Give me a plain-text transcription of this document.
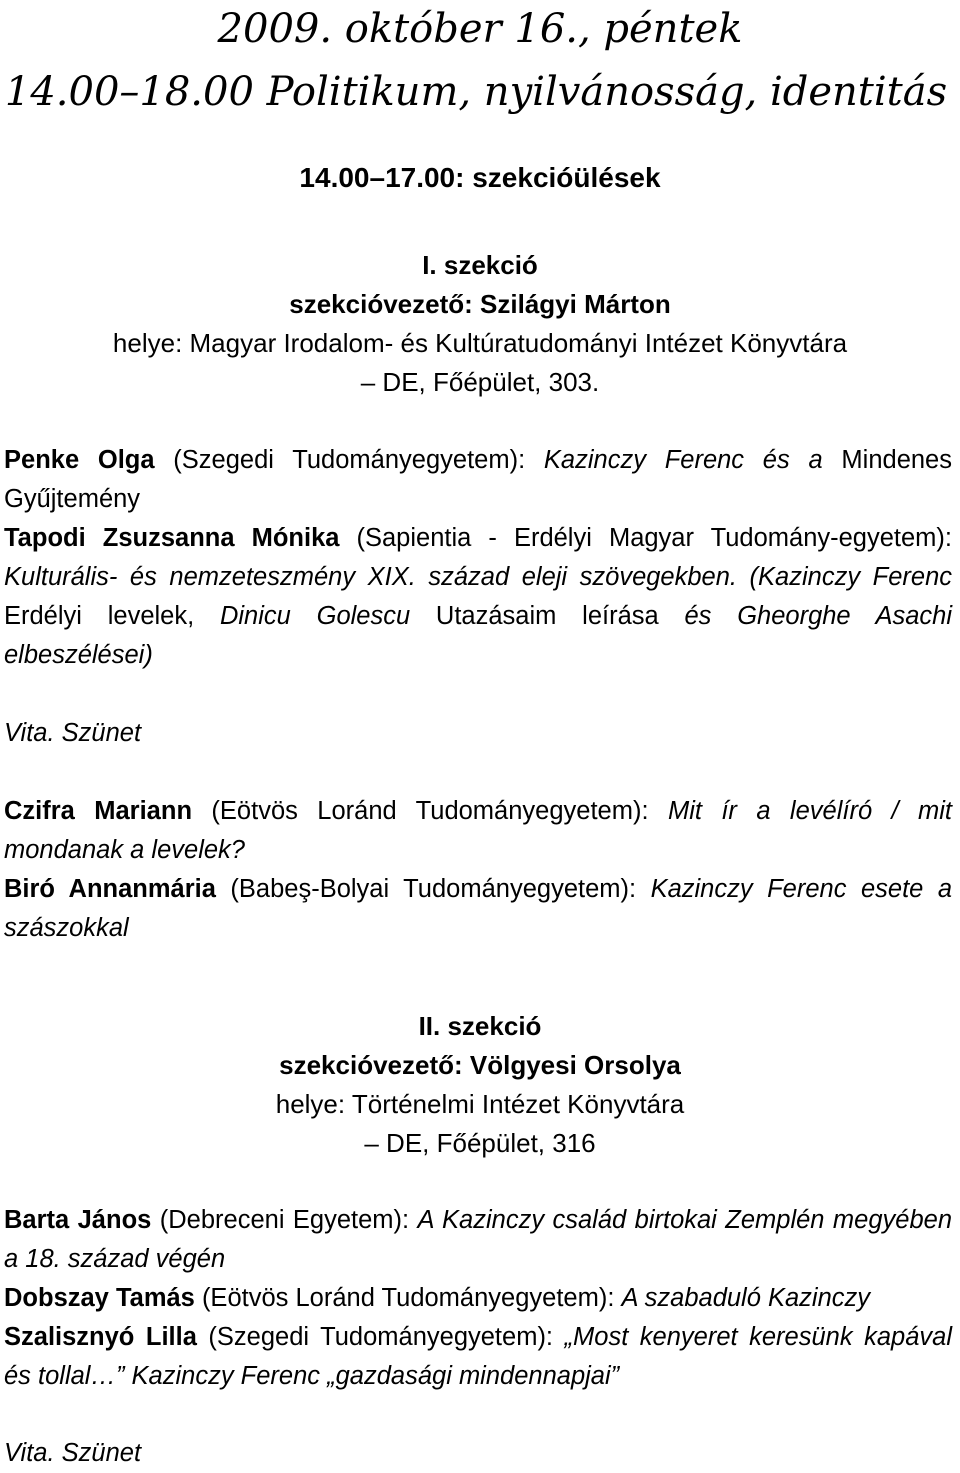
2009. október 16., péntek

14.00–18.00 Politikum, nyilvánosság, identitás

14.00–17.00: szekcióülések

I. szekció

szekcióvezető: Szilágyi Márton

helye: Magyar Irodalom- és Kultúratudományi Intézet Könyvtára

– DE, Főépület, 303.

Penke Olga (Szegedi Tudományegyetem): Kazinczy Ferenc és a Mindenes Gyűjtemény
Tapodi Zsuzsanna Mónika (Sapientia - Erdélyi Magyar Tudomány-egyetem): Kulturális- és nemzeteszmény XIX. század eleji szövegekben. (Kazinczy Ferenc Erdélyi levelek, Dinicu Golescu Utazásaim leírása és Gheorghe Asachi elbeszélései)

Vita. Szünet

Czifra Mariann (Eötvös Loránd Tudományegyetem): Mit ír a levélíró / mit mondanak a levelek?
Biró Annanmária (Babeş-Bolyai Tudományegyetem): Kazinczy Ferenc esete a szászokkal

II. szekció

szekcióvezető: Völgyesi Orsolya

helye: Történelmi Intézet Könyvtára

– DE, Főépület, 316

Barta János (Debreceni Egyetem): A Kazinczy család birtokai Zemplén megyében a 18. század végén
Dobszay Tamás (Eötvös Loránd Tudományegyetem): A szabaduló Kazinczy
Szalisznyó Lilla (Szegedi Tudományegyetem): „Most kenyeret keresünk kapával és tollal…” Kazinczy Ferenc „gazdasági mindennapjai”

Vita. Szünet
